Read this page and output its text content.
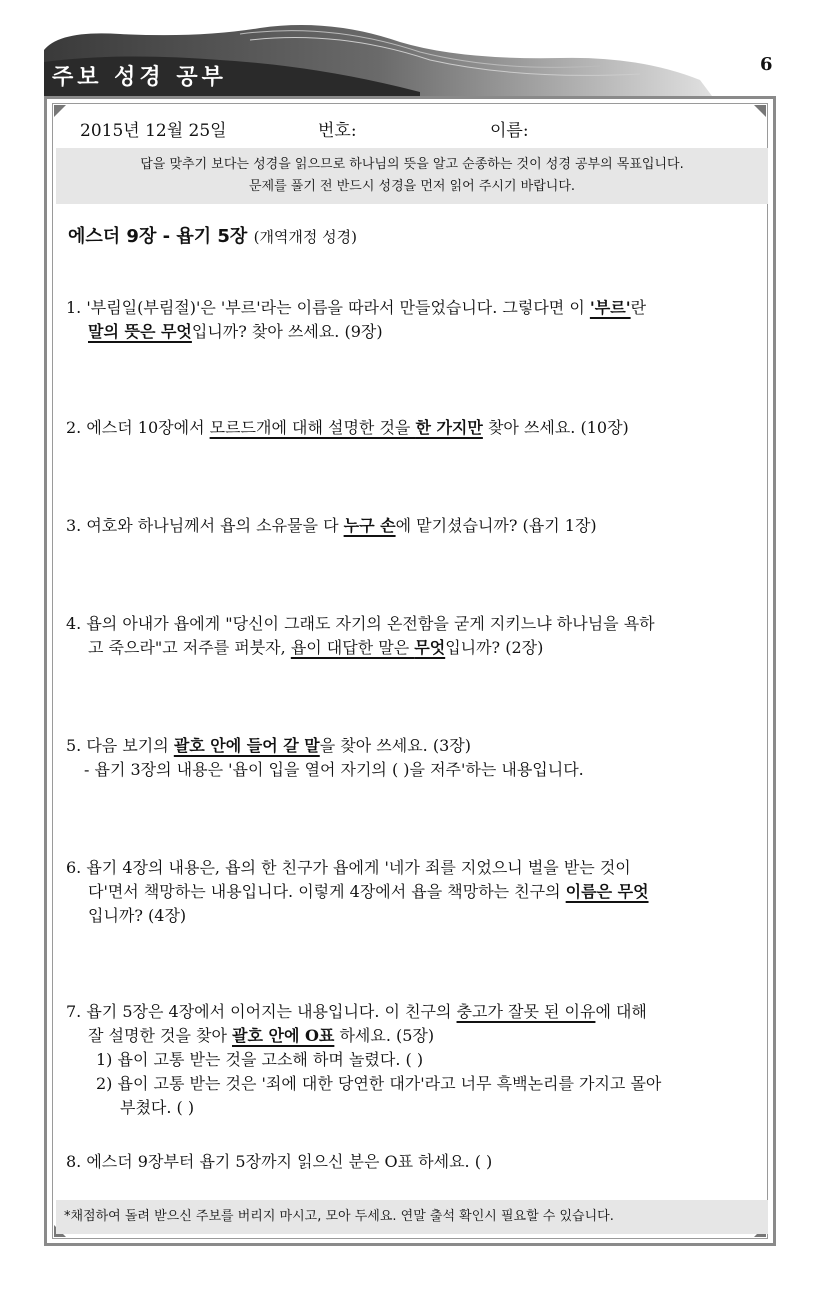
주보 성경 공부
6
2015년 12월 25일	번호:	이름:
답을 맞추기 보다는 성경을 읽으므로 하나님의 뜻을 알고 순종하는 것이 성경 공부의 목표입니다.
문제를 풀기 전 반드시 성경을 먼저 읽어 주시기 바랍니다.
에스더 9장 - 욥기 5장 (개역개정 성경)
1. '부림일(부림절)'은 '부르'라는 이름을 따라서 만들었습니다. 그렇다면 이 '부르'란
말의 뜻은 무엇입니까? 찾아 쓰세요. (9장)
2. 에스더 10장에서 모르드개에 대해 설명한 것을 한 가지만 찾아 쓰세요. (10장)
3. 여호와 하나님께서 욥의 소유물을 다 누구 손에 맡기셨습니까? (욥기 1장)
4. 욥의 아내가 욥에게 "당신이 그래도 자기의 온전함을 굳게 지키느냐 하나님을 욕하
고 죽으라"고 저주를 퍼붓자, 욥이 대답한 말은 무엇입니까? (2장)
5. 다음 보기의 괄호 안에 들어 갈 말을 찾아 쓰세요. (3장)
- 욥기 3장의 내용은 '욥이 입을 열어 자기의 ( )을 저주'하는 내용입니다.
6. 욥기 4장의 내용은, 욥의 한 친구가 욥에게 '네가 죄를 지었으니 벌을 받는 것이
다'면서 책망하는 내용입니다. 이렇게 4장에서 욥을 책망하는 친구의 이름은 무엇
입니까? (4장)
7. 욥기 5장은 4장에서 이어지는 내용입니다. 이 친구의 충고가 잘못 된 이유에 대해
잘 설명한 것을 찾아 괄호 안에 O표 하세요. (5장)
1) 욥이 고통 받는 것을 고소해 하며 놀렸다. ( )
2) 욥이 고통 받는 것은 '죄에 대한 당연한 대가'라고 너무 흑백논리를 가지고 몰아
부쳤다. ( )
8. 에스더 9장부터 욥기 5장까지 읽으신 분은 O표 하세요. ( )
*채점하여 돌려 받으신 주보를 버리지 마시고, 모아 두세요. 연말 출석 확인시 필요할 수 있습니다.
